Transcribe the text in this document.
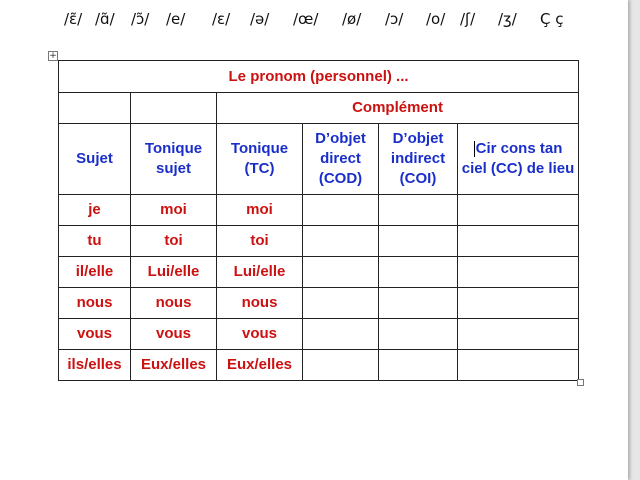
/ɛ̃/ /ɑ̃/ /ɔ̃/ /e/ /ɛ/ /ə/ /œ/ /ø/ /ɔ/ /o/ /ʃ/ /ʒ/ Ç ç
+
Le pronom (personnel) ...					
		Complément			
Sujet	Tonique sujet	Tonique (TC)	D’objet direct (COD)	D’objet indirect (COI)	Cir cons tan ciel (CC) de lieu
je	moi	moi			
tu	toi	toi			
il/elle	Lui/elle	Lui/elle			
nous	nous	nous			
vous	vous	vous			
ils/elles	Eux/elles	Eux/elles			
